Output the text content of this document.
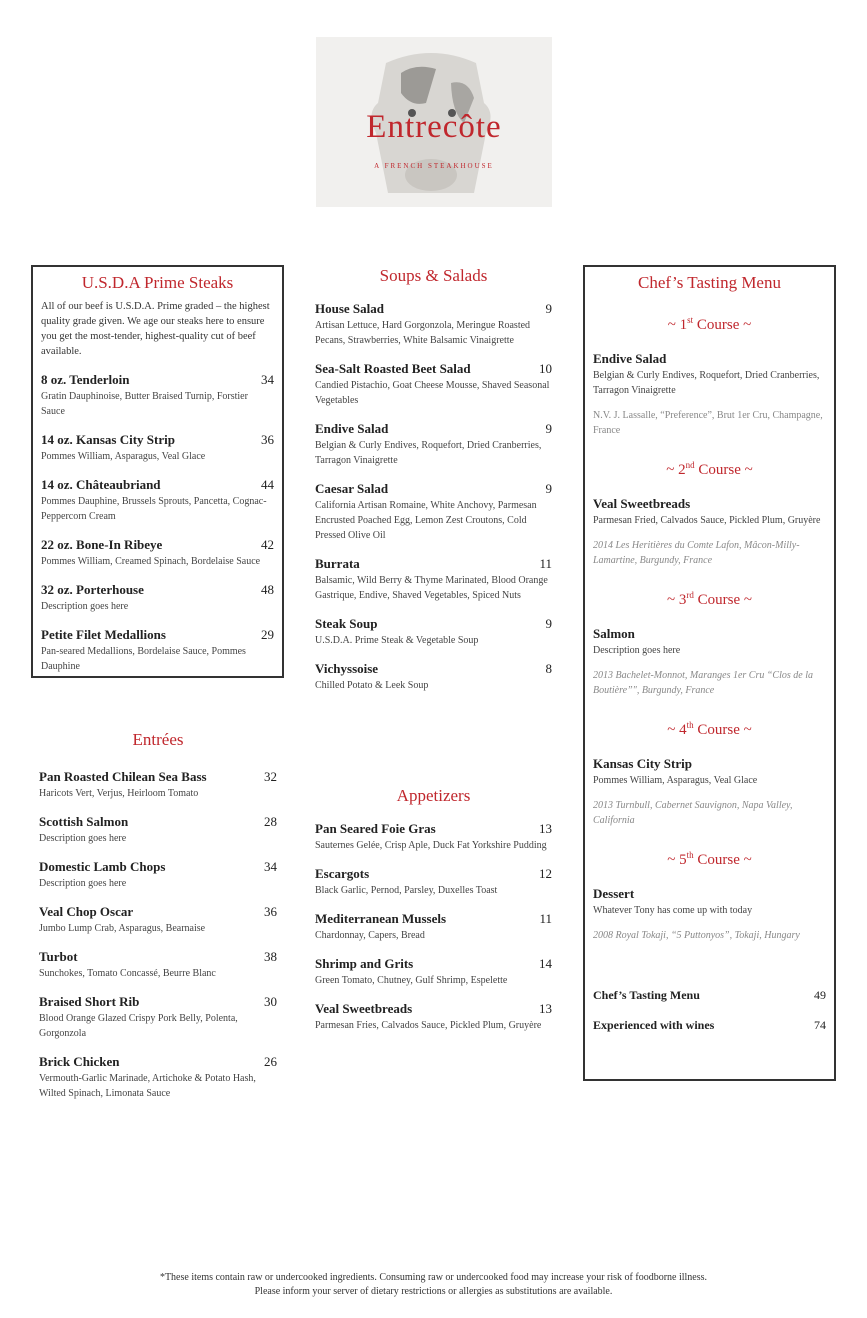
Entrecôte
A FRENCH STEAKHOUSE
U.S.D.A Prime Steaks
All of our beef is U.S.D.A. Prime graded – the highest quality grade given. We age our steaks here to ensure you get the most-tender, highest-quality cut of beef available.
8 oz. Tenderloin	34
Gratin Dauphinoise, Butter Braised Turnip, Forstier Sauce
14 oz. Kansas City Strip	36
Pommes William, Asparagus, Veal Glace
14 oz. Châteaubriand	44
Pommes Dauphine, Brussels Sprouts, Pancetta, Cognac-Peppercorn Cream
22 oz. Bone-In Ribeye	42
Pommes William, Creamed Spinach, Bordelaise Sauce
32 oz. Porterhouse	48
Description goes here
Petite Filet Medallions	29
Pan-seared Medallions, Bordelaise Sauce, Pommes Dauphine
Entrées
Pan Roasted Chilean Sea Bass	32
Haricots Vert, Verjus, Heirloom Tomato
Scottish Salmon	28
Description goes here
Domestic Lamb Chops	34
Description goes here
Veal Chop Oscar	36
Jumbo Lump Crab, Asparagus, Bearnaise
Turbot	38
Sunchokes, Tomato Concassé, Beurre Blanc
Braised Short Rib	30
Blood Orange Glazed Crispy Pork Belly, Polenta, Gorgonzola
Brick Chicken	26
Vermouth-Garlic Marinade, Artichoke & Potato Hash, Wilted Spinach, Limonata Sauce
Soups & Salads
House Salad	9
Artisan Lettuce, Hard Gorgonzola, Meringue Roasted Pecans, Strawberries, White Balsamic Vinaigrette
Sea-Salt Roasted Beet Salad	10
Candied Pistachio, Goat Cheese Mousse, Shaved Seasonal Vegetables
Endive Salad	9
Belgian & Curly Endives, Roquefort, Dried Cranberries, Tarragon Vinaigrette
Caesar Salad	9
California Artisan Romaine, White Anchovy, Parmesan Encrusted Poached Egg, Lemon Zest Croutons, Cold Pressed Olive Oil
Burrata	11
Balsamic, Wild Berry & Thyme Marinated, Blood Orange Gastrique, Endive, Shaved Vegetables, Spiced Nuts
Steak Soup	9
U.S.D.A. Prime Steak & Vegetable Soup
Vichyssoise	8
Chilled Potato & Leek Soup
Appetizers
Pan Seared Foie Gras	13
Sauternes Gelée, Crisp Aple, Duck Fat Yorkshire Pudding
Escargots	12
Black Garlic, Pernod, Parsley, Duxelles Toast
Mediterranean Mussels	11
Chardonnay, Capers, Bread
Shrimp and Grits	14
Green Tomato, Chutney, Gulf Shrimp, Espelette
Veal Sweetbreads	13
Parmesan Fries, Calvados Sauce, Pickled Plum, Gruyère
Chef’s Tasting Menu
~ 1st Course ~
Endive Salad
Belgian & Curly Endives, Roquefort, Dried Cranberries, Tarragon Vinaigrette
N.V. J. Lassalle, “Preference”, Brut 1er Cru, Champagne, France
~ 2nd Course ~
Veal Sweetbreads
Parmesan Fried, Calvados Sauce, Pickled Plum, Gruyère
2014 Les Heritières du Comte Lafon, Mâcon-Milly-Lamartine, Burgundy, France
~ 3rd Course ~
Salmon
Description goes here
2013 Bachelet-Monnot, Maranges 1er Cru “Clos de la Boutière”", Burgundy, France
~ 4th Course ~
Kansas City Strip
Pommes William, Asparagus, Veal Glace
2013 Turnbull, Cabernet Sauvignon, Napa Valley, California
~ 5th Course ~
Dessert
Whatever Tony has come up with today
2008 Royal Tokaji, “5 Puttonyos”, Tokaji, Hungary
Chef’s Tasting Menu	49
Experienced with wines	74
*These items contain raw or undercooked ingredients. Consuming raw or undercooked food may increase your risk of foodborne illness.
Please inform your server of dietary restrictions or allergies as substitutions are available.
